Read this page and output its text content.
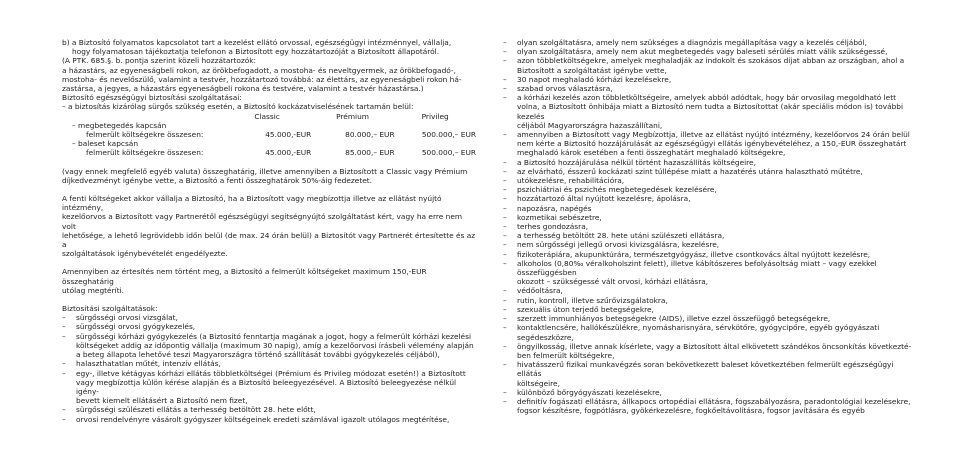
b) a Biztosító folyamatos kapcsolatot tart a kezelést ellátó orvossal, egészségügyi intézménnyel, vállalja,

hogy folyamatosan tájékoztatja telefonon a Biztosított egy hozzátartozóját a Biztosított állapotáról.

(A PTK. 685.§. b. pontja szerint közeli hozzátartozók:

a házastárs, az egyeneságbeli rokon, az örökbefogadott, a mostoha- és neveltgyermek, az örökbefogadó-,

mostoha- és nevelőszülő, valamint a testvér, hozzátartozó továbbá: az élettárs, az egyeneságbeli rokon há-

zastársa, a jegyes, a házastárs egyeneságbeli rokona és testvére, valamint a testvér házastársa.)

Biztosító egészségügyi biztosítási szolgáltatásai:

– a biztosítás kizárólag sürgős szükség esetén, a Biztosító kockázatviselésének tartamán belül:

Classic	Prémium	Privileg
– megbetegedés kapcsán
felmerült költségekre összesen:	45.000,-EUR	80.000,– EUR	500.000,– EUR
– baleset kapcsán
felmerült költségekre összesen:	45.000,-EUR	85.000,– EUR	500.000,– EUR

(vagy ennek megfelelő egyéb valuta) összeghatárig, illetve amennyiben a Biztosított a Classic vagy Prémium

díjkedvezményt igénybe vette, a Biztosító a fenti összeghatárok 50%-áig fedezetet.

A fenti költségeket akkor vállalja a Biztosító, ha a Biztosított vagy megbízottja illetve az ellátást nyújtó intézmény,

kezelőorvos a Biztosított vagy Partnerétől egészségügyi segítségnyújtó szolgáltatást kért, vagy ha erre nem volt

lehetősége, a lehető legrövidebb időn belül (de max. 24 órán belül) a Biztosítót vagy Partnerét értesítette és az a

szolgáltatások igénybevételét engedélyezte.

Amennyiben az értesítés nem történt meg, a Biztosító a felmerült költségeket maximum 150,-EUR összeghatárig

utólag megtéríti.

Biztosítási szolgáltatások:

–	sürgősségi orvosi vizsgálat,
–	sürgősségi orvosi gyógykezelés,
–	sürgősségi kórházi gyógykezelés (a Biztosító fenntartja magának a jogot, hogy a felmerült kórházi kezelési
költségeket addig az időpontig vállalja (maximum 30 napig), amíg a kezelőorvosi írásbeli vélemény alapján
a beteg állapota lehetővé teszi Magyarországra történő szállítását további gyógykezelés céljából),
–	halaszthatatlan műtét, intenzív ellátás,
–	egy-, illetve kétágyas kórházi ellátás többletköltségei (Prémium és Privileg módozat esetén!) a Biztosított
vagy megbízottja külön kérése alapján és a Biztosító beleegyezésével. A Biztosító beleegyezése nélkül igény-
bevett kiemelt ellátásért a Biztosító nem fizet,
–	sürgősségi szülészeti ellátás a terhesség betöltött 28. hete előtt,
–	orvosi rendelvényre vásárolt gyógyszer költségeinek eredeti számlával igazolt utólagos megtérítése,
–	olyan szolgáltatásra, amely nem szükséges a diagnózis megállapítása vagy a kezelés céljából,
–	olyan szolgáltatásra, amely nem akut megbetegedés vagy baleseti sérülés miatt válik szükségessé,
–	azon többletköltségekre, amelyek meghaladják az indokolt és szokásos díjat abban az országban, ahol a
Biztosított a szolgáltatást igénybe vette,
–	30 napot meghaladó kórházi kezelésekre,
–	szabad orvos választásra,
–	a kórházi kezelés azon többletköltségeire, amelyek abból adódtak, hogy bár orvosilag megoldható lett
volna, a Biztosított önhibája miatt a Biztosító nem tudta a Biztosítottat (akár speciális módon is) további kezelés
céljából Magyarországra hazaszállítani,
–	amennyiben a Biztosított vagy Megbízottja, illetve az ellátást nyújtó intézmény, kezelőorvos 24 órán belül
nem kérte a Biztosító hozzájárulását az egészségügyi ellátás igénybevételéhez, a 150,-EUR összeghatárt
meghaladó károk esetében a fenti összeghatárt meghaladó költségekre,
–	a Biztosító hozzájárulása nélkül történt hazaszállítás költségeire,
–	az elvárható, ésszerű kockázati szint túllépése miatt a hazatérés utánra halasztható műtétre,
–	utókezelésre, rehabilitációra,
–	pszichiátriai és pszichés megbetegedések kezelésére,
–	hozzátartozó által nyújtott kezelésre, ápolásra,
–	napozásra, napégés
–	kozmetikai sebészetre,
–	terhes gondozásra,
–	a terhesség betöltött 28. hete utáni szülészeti ellátásra,
–	nem sürgősségi jellegű orvosi kivizsgálásra, kezelésre,
–	fizikoterápiára, akupunktúrára, természetgyógyász, illetve csontkovács által nyújtott kezelésre,
–	alkoholos (0,80‰ véralkoholszint felett), illetve kábítószeres befolyásoltság miatt – vagy ezekkel összefüggésben
okozott – szükségessé vált orvosi, kórházi ellátásra,
–	védőoltásra,
–	rutin, kontroll, illetve szűrővizsgálatokra,
–	szexuális úton terjedő betegségekre,
–	szerzett immunhiányos betegségekre (AIDS), illetve ezzel összefüggő betegségekre,
–	kontaktlencsére, hallókészülékre, nyomásharisnyára, sérvkötőre, gyógycipőre, egyéb gyógyászati segédeszközre,
–	öngyilkosság, illetve annak kísérlete, vagy a Biztosított által elkövetett szándékos öncsonkítás következté-
ben felmerült költségekre,
–	hivatásszerű fizikai munkavégzés soran bekövetkezett baleset következtében felmerült egészségügyi ellátás
költségeire,
–	különböző bőrgyógyászati kezelésekre,
–	definitív fogászati ellátásra, állkapocs ortopédiai ellátásra, fogszabályozásra, paradontológiai kezelésekre,
fogsor készítésre, fogpótlásra, gyökérkezelésre, fogkőeltávolításra, fogsor javítására és egyéb
